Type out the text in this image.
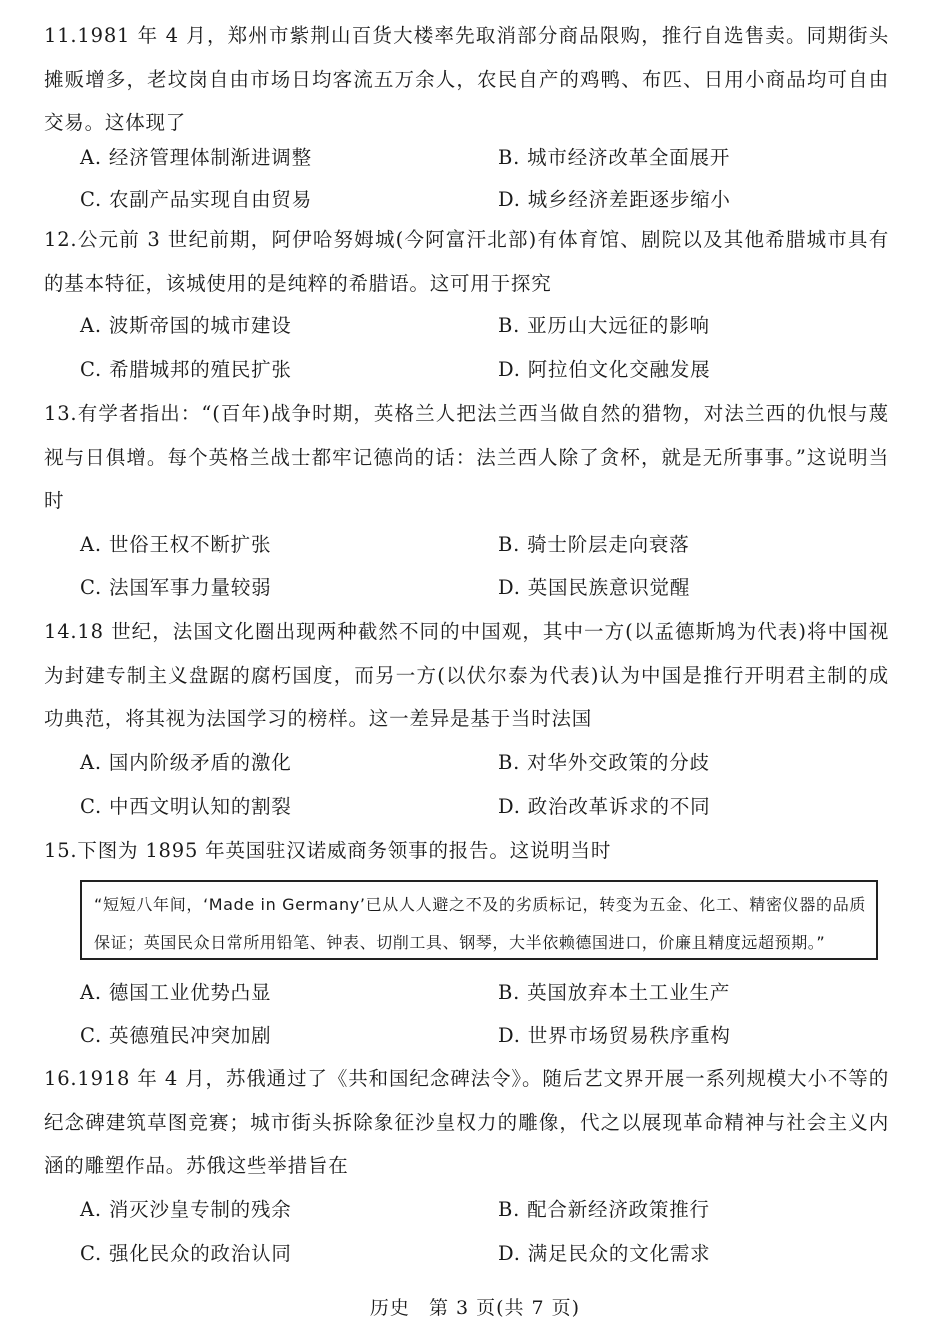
11.1981 年 4 月，郑州市紫荆山百货大楼率先取消部分商品限购，推行自选售卖。同期街头摊贩增多，老坟岗自由市场日均客流五万余人，农民自产的鸡鸭、布匹、日用小商品均可自由交易。这体现了
A. 经济管理体制渐进调整	B. 城市经济改革全面展开
C. 农副产品实现自由贸易	D. 城乡经济差距逐步缩小
12.公元前 3 世纪前期，阿伊哈努姆城(今阿富汗北部)有体育馆、剧院以及其他希腊城市具有的基本特征，该城使用的是纯粹的希腊语。这可用于探究
A. 波斯帝国的城市建设	B. 亚历山大远征的影响
C. 希腊城邦的殖民扩张	D. 阿拉伯文化交融发展
13.有学者指出：“(百年)战争时期，英格兰人把法兰西当做自然的猎物，对法兰西的仇恨与蔑视与日俱增。每个英格兰战士都牢记德尚的话：法兰西人除了贪杯，就是无所事事。”这说明当时
A. 世俗王权不断扩张	B. 骑士阶层走向衰落
C. 法国军事力量较弱	D. 英国民族意识觉醒
14.18 世纪，法国文化圈出现两种截然不同的中国观，其中一方(以孟德斯鸠为代表)将中国视为封建专制主义盘踞的腐朽国度，而另一方(以伏尔泰为代表)认为中国是推行开明君主制的成功典范，将其视为法国学习的榜样。这一差异是基于当时法国
A. 国内阶级矛盾的激化	B. 对华外交政策的分歧
C. 中西文明认知的割裂	D. 政治改革诉求的不同
15.下图为 1895 年英国驻汉诺威商务领事的报告。这说明当时
“短短八年间，‘Made in Germany’已从人人避之不及的劣质标记，转变为五金、化工、精密仪器的品质保证；英国民众日常所用铅笔、钟表、切削工具、钢琴，大半依赖德国进口，价廉且精度远超预期。”
A. 德国工业优势凸显	B. 英国放弃本土工业生产
C. 英德殖民冲突加剧	D. 世界市场贸易秩序重构
16.1918 年 4 月，苏俄通过了《共和国纪念碑法令》。随后艺文界开展一系列规模大小不等的纪念碑建筑草图竞赛；城市街头拆除象征沙皇权力的雕像，代之以展现革命精神与社会主义内涵的雕塑作品。苏俄这些举措旨在
A. 消灭沙皇专制的残余	B. 配合新经济政策推行
C. 强化民众的政治认同	D. 满足民众的文化需求
历史 第 3 页(共 7 页)
